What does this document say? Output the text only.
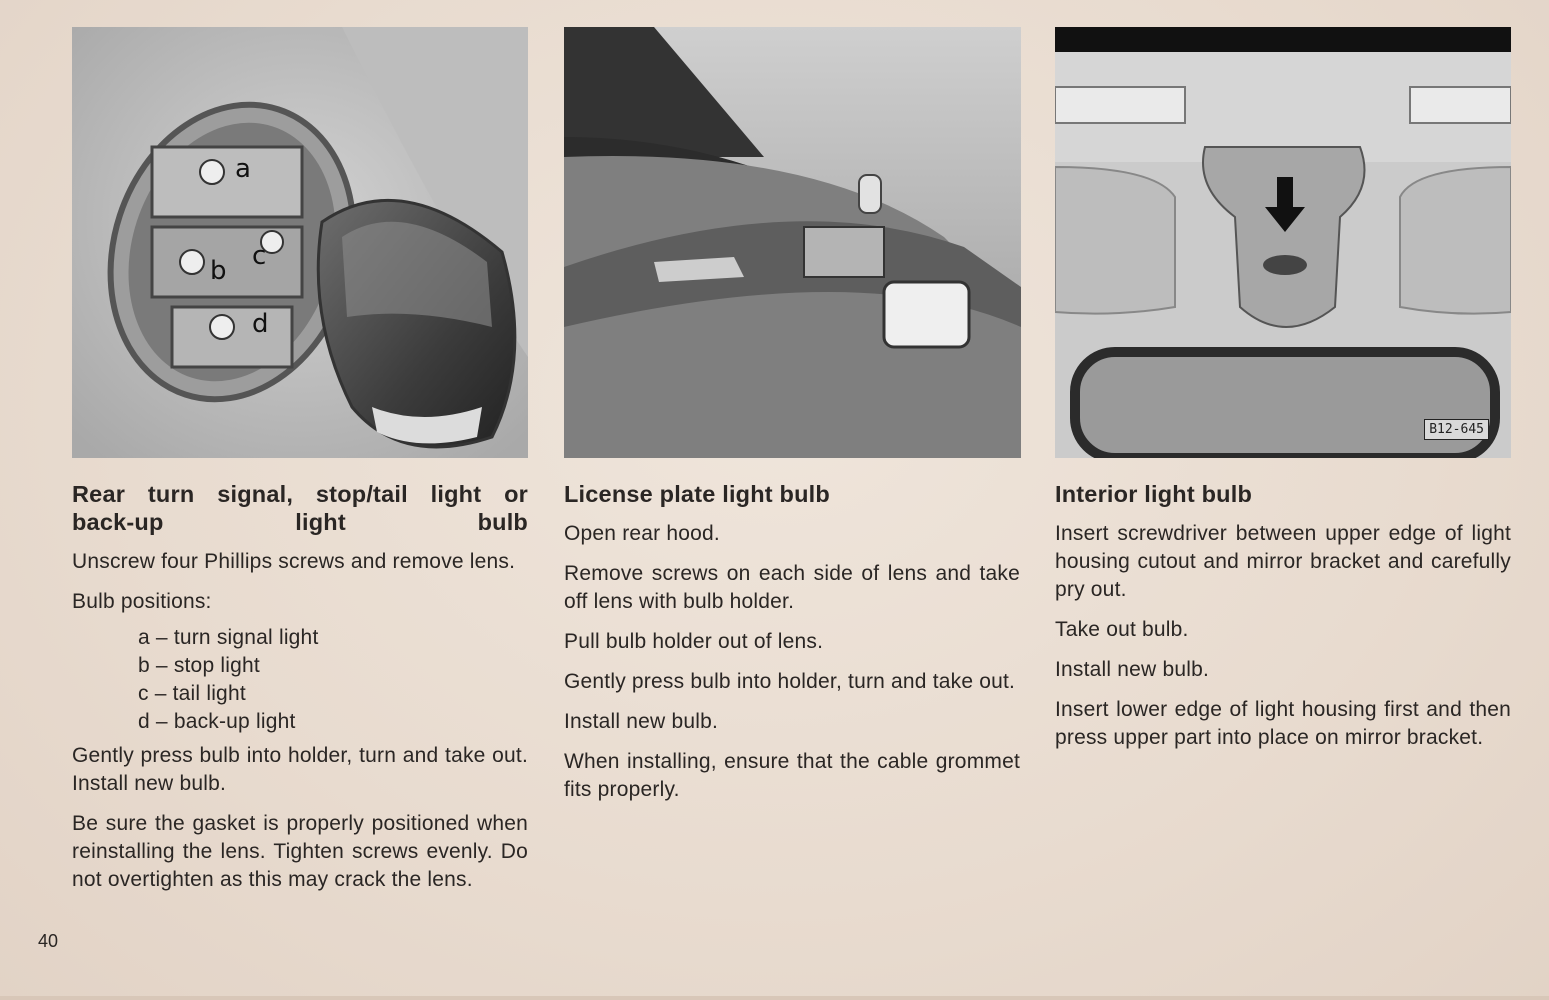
a
b c
d
B12-645
Rear turn signal, stop/tail light or
back-up light bulb

Unscrew four Phillips screws and remove lens.

Bulb positions:

a – turn signal light
b – stop light
c – tail light
d – back-up light

Gently press bulb into holder, turn and take out. Install new bulb.

Be sure the gasket is properly positioned when reinstalling the lens. Tighten screws evenly. Do not overtighten as this may crack the lens.

License plate light bulb

Open rear hood.

Remove screws on each side of lens and take off lens with bulb holder.

Pull bulb holder out of lens.

Gently press bulb into holder, turn and take out.

Install new bulb.

When installing, ensure that the cable grommet fits properly.

Interior light bulb

Insert screwdriver between upper edge of light housing cutout and mirror bracket and carefully pry out.

Take out bulb.

Install new bulb.

Insert lower edge of light housing first and then press upper part into place on mirror bracket.

40
